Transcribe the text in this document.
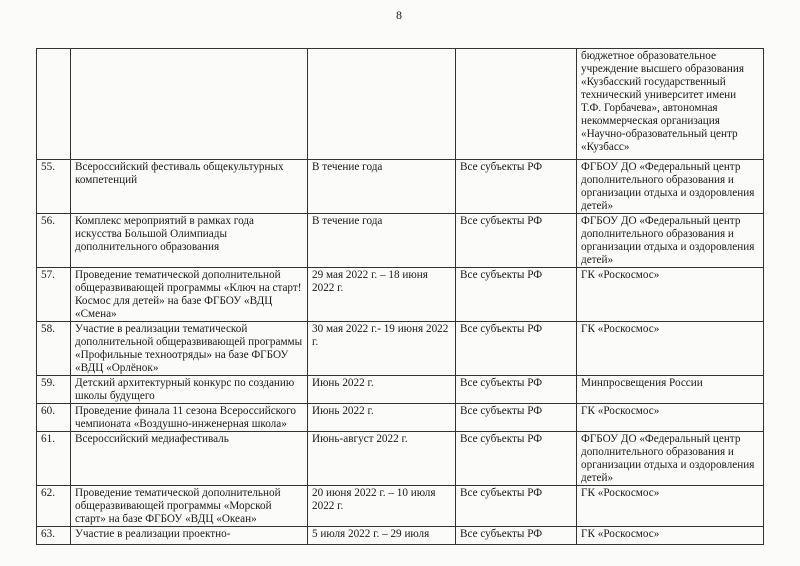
8
				бюджетное образовательное учреждение высшего образования «Кузбасский государственный технический университет имени Т.Ф. Горбачева», автономная некоммерческая организация «Научно-образовательный центр «Кузбасс»
55.	Всероссийский фестиваль общекультурных компетенций	В течение года	Все субъекты РФ	ФГБОУ ДО «Федеральный центр дополнительного образования и организации отдыха и оздоровления детей»
56.	Комплекс мероприятий в рамках года искусства Большой Олимпиады дополнительного образования	В течение года	Все субъекты РФ	ФГБОУ ДО «Федеральный центр дополнительного образования и организации отдыха и оздоровления детей»
57.	Проведение тематической дополнительной общеразвивающей программы «Ключ на старт! Космос для детей» на базе ФГБОУ «ВДЦ «Смена»	29 мая 2022 г. – 18 июня 2022 г.	Все субъекты РФ	ГК «Роскосмос»
58.	Участие в реализации тематической дополнительной общеразвивающей программы «Профильные техноотряды» на базе ФГБОУ «ВДЦ «Орлёнок»	30 мая 2022 г.- 19 июня 2022 г.	Все субъекты РФ	ГК «Роскосмос»
59.	Детский архитектурный конкурс по созданию школы будущего	Июнь 2022 г.	Все субъекты РФ	Минпросвещения России
60.	Проведение финала 11 сезона Всероссийского чемпионата «Воздушно-инженерная школа»	Июнь 2022 г.	Все субъекты РФ	ГК «Роскосмос»
61.	Всероссийский медиафестиваль	Июнь-август 2022 г.	Все субъекты РФ	ФГБОУ ДО «Федеральный центр дополнительного образования и организации отдыха и оздоровления детей»
62.	Проведение тематической дополнительной общеразвивающей программы «Морской старт» на базе ФГБОУ «ВДЦ «Океан»	20 июня 2022 г. – 10 июля 2022 г.	Все субъекты РФ	ГК «Роскосмос»
63.	Участие в реализации проектно-	5 июля 2022 г. – 29 июля	Все субъекты РФ	ГК «Роскосмос»
